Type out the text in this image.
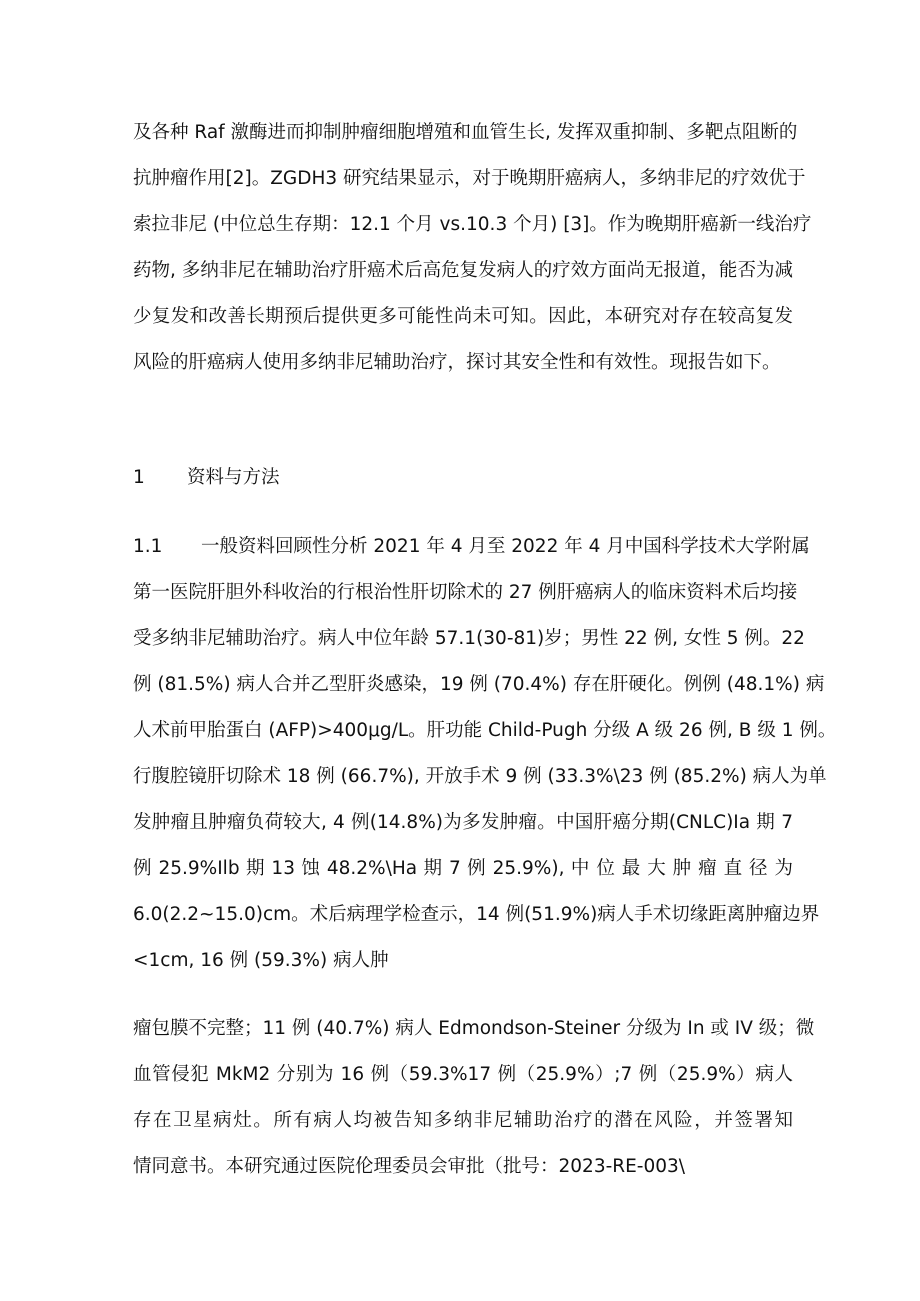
及各种 Raf 激酶进而抑制肿瘤细胞增殖和血管生长, 发挥双重抑制、多靶点阻断的
抗肿瘤作用[2]。ZGDH3 研究结果显示，对于晚期肝癌病人，多纳非尼的疗效优于
索拉非尼 (中位总生存期：12.1 个月 vs.10.3 个月) [3]。作为晚期肝癌新一线治疗
药物, 多纳非尼在辅助治疗肝癌术后高危复发病人的疗效方面尚无报道，能否为减
少复发和改善长期预后提供更多可能性尚未可知。因此，本研究对存在较高复发
风险的肝癌病人使用多纳非尼辅助治疗，探讨其安全性和有效性。现报告如下。
1 资料与方法
1.1 一般资料回顾性分析 2021 年 4 月至 2022 年 4 月中国科学技术大学附属
第一医院肝胆外科收治的行根治性肝切除术的 27 例肝癌病人的临床资料术后均接
受多纳非尼辅助治疗。病人中位年龄 57.1(30-81)岁；男性 22 例, 女性 5 例。22
例 (81.5%) 病人合并乙型肝炎感染，19 例 (70.4%) 存在肝硬化。例例 (48.1%) 病
人术前甲胎蛋白 (AFP)>400μg/L。肝功能 Child-Pugh 分级 A 级 26 例, B 级 1 例。
行腹腔镜肝切除术 18 例 (66.7%), 开放手术 9 例 (33.3%\23 例 (85.2%) 病人为单
发肿瘤且肿瘤负荷较大, 4 例(14.8%)为多发肿瘤。中国肝癌分期(CNLC)Ia 期 7
例 25.9%Ilb 期 13 蚀 48.2%\Ha 期 7 例 25.9%), 中 位 最 大 肿 瘤 直 径 为
6.0(2.2~15.0)cm。术后病理学检查示，14 例(51.9%)病人手术切缘距离肿瘤边界
<1cm, 16 例 (59.3%) 病人肿
瘤包膜不完整；11 例 (40.7%) 病人 Edmondson-Steiner 分级为 In 或 IV 级；微
血管侵犯 MkM2 分别为 16 例（59.3%17 例（25.9%）;7 例（25.9%）病人
存在卫星病灶。所有病人均被告知多纳非尼辅助治疗的潜在风险，并签署知
情同意书。本研究通过医院伦理委员会审批（批号：2023-RE-003\
